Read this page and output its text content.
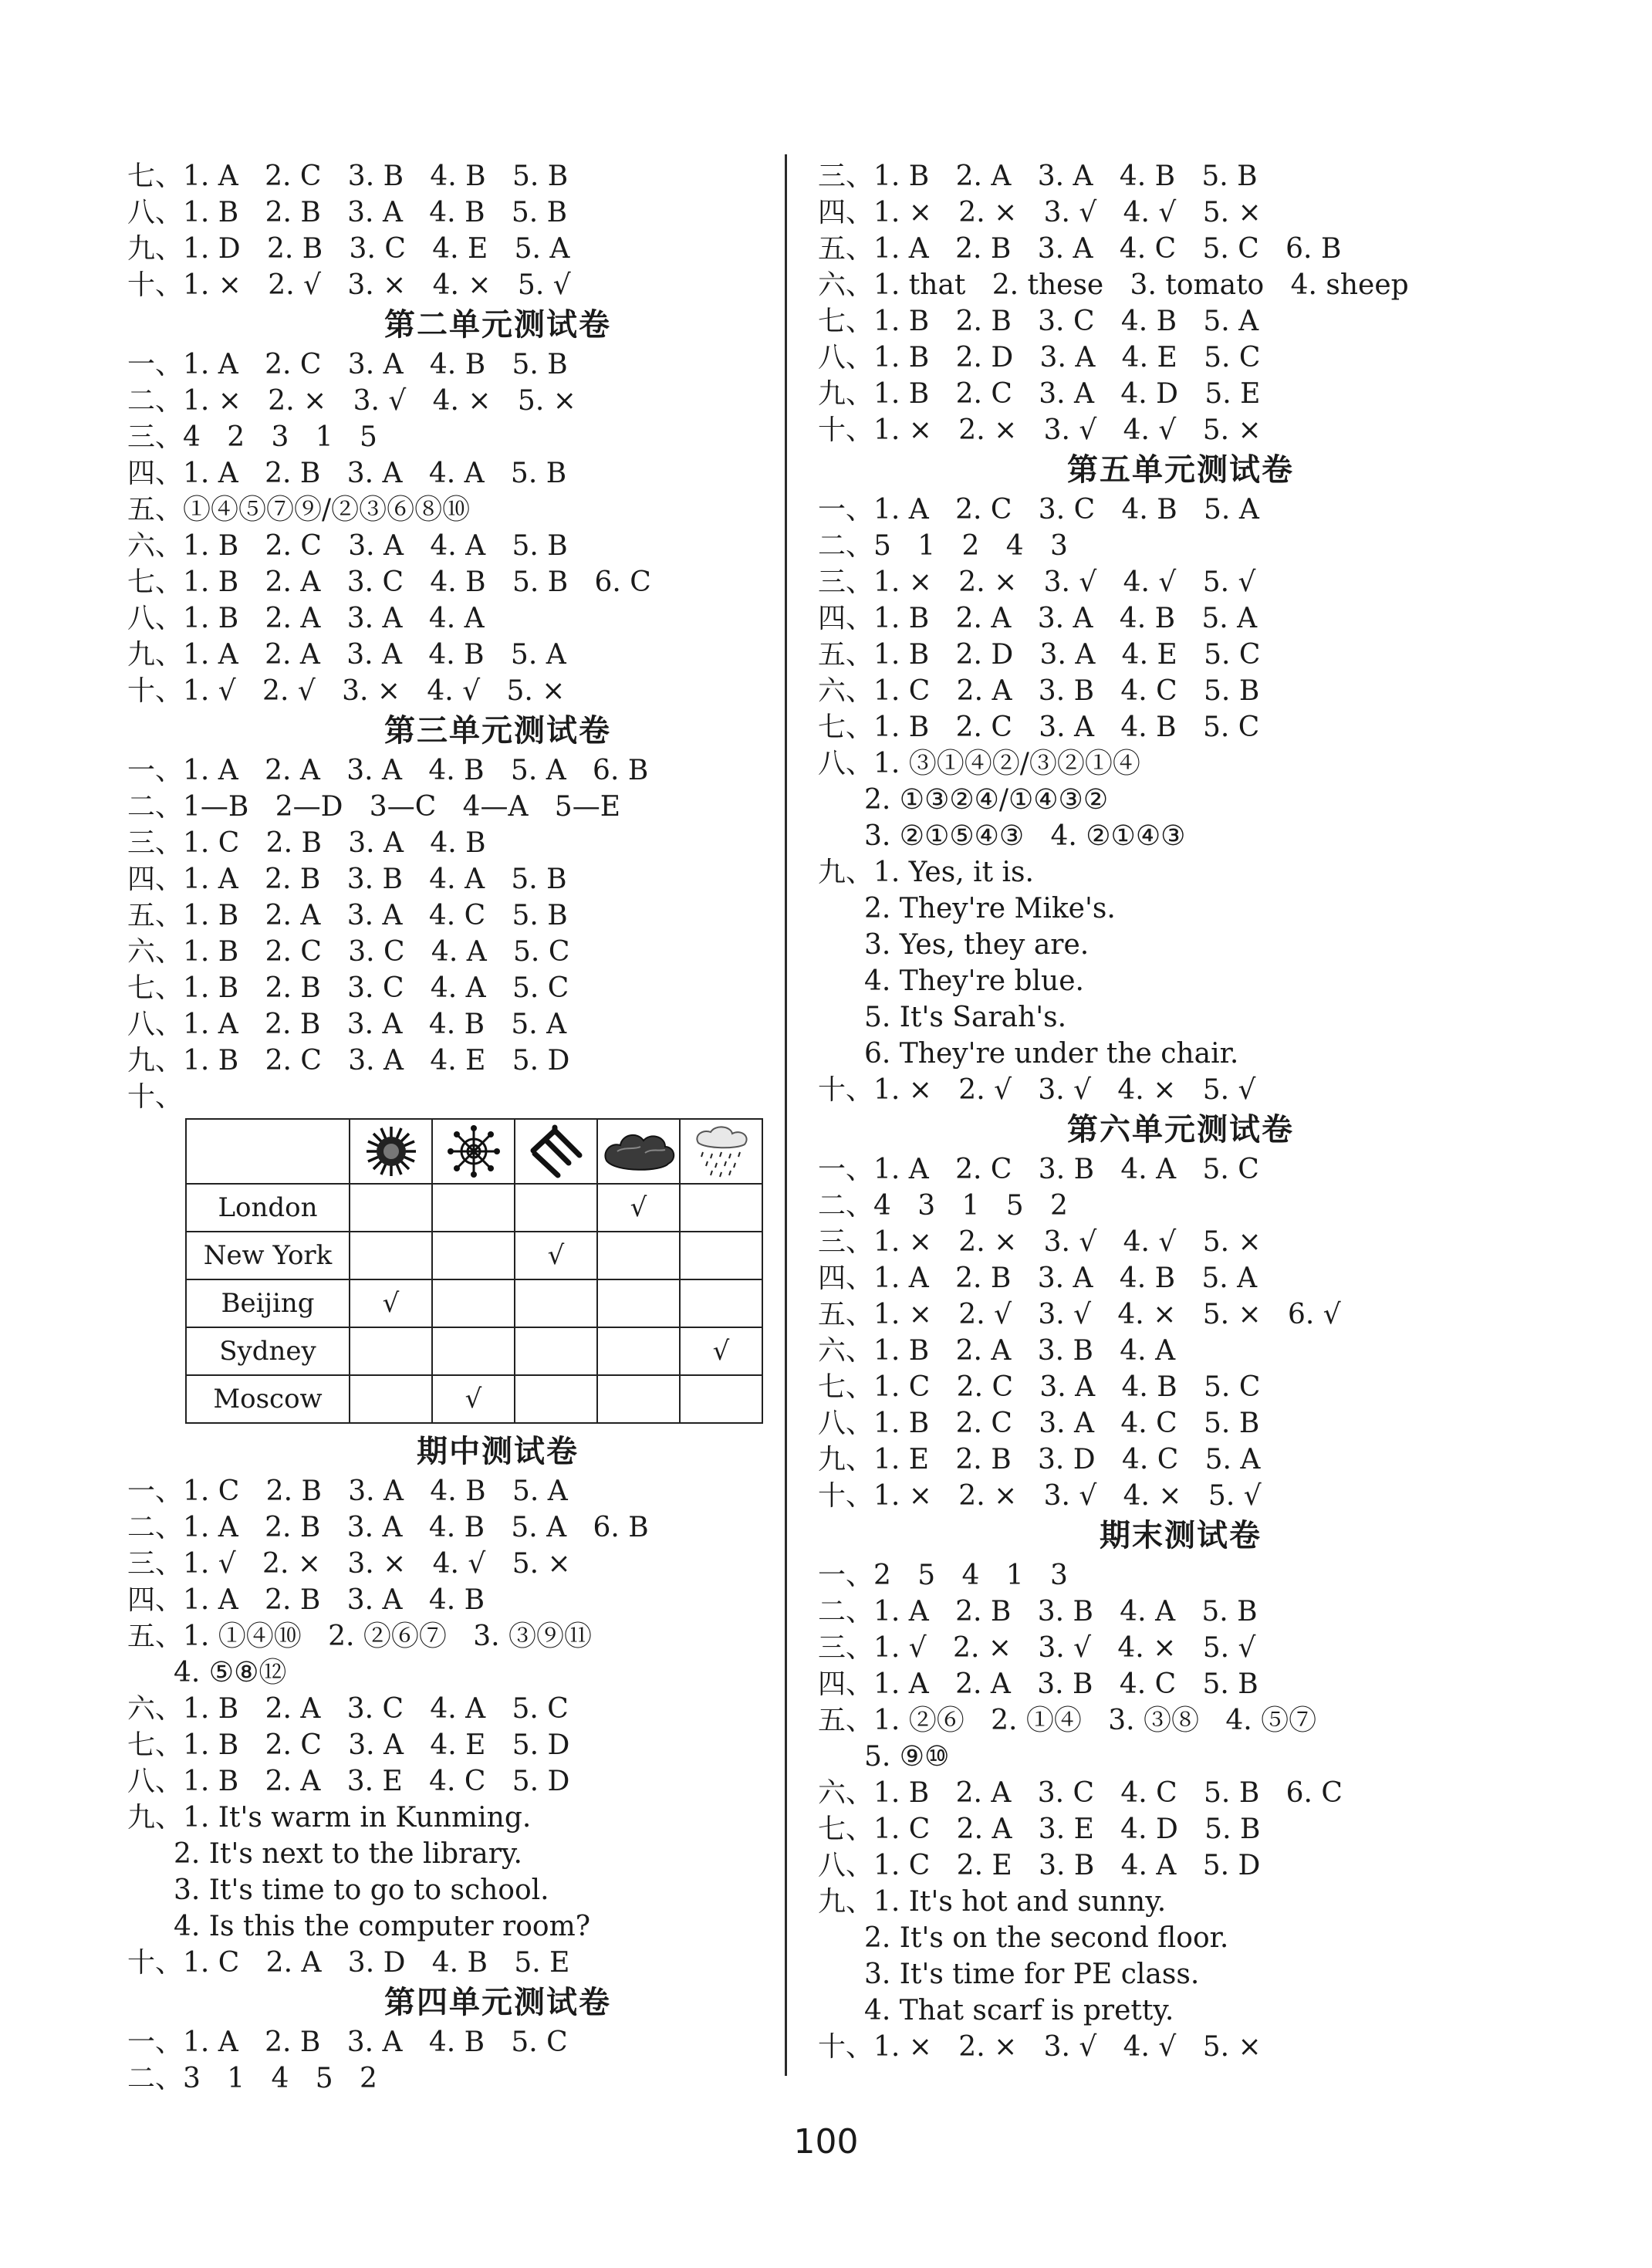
七、1. A   2. C   3. B   4. B   5. B
八、1. B   2. B   3. A   4. B   5. B
九、1. D   2. B   3. C   4. E   5. A
十、1. ×   2. √   3. ×   4. ×   5. √
第二单元测试卷
一、1. A   2. C   3. A   4. B   5. B
二、1. ×   2. ×   3. √   4. ×   5. ×
三、4   2   3   1   5
四、1. A   2. B   3. A   4. A   5. B
五、①④⑤⑦⑨/②③⑥⑧⑩
六、1. B   2. C   3. A   4. A   5. B
七、1. B   2. A   3. C   4. B   5. B   6. C
八、1. B   2. A   3. A   4. A
九、1. A   2. A   3. A   4. B   5. A
十、1. √   2. √   3. ×   4. √   5. ×
第三单元测试卷
一、1. A   2. A   3. A   4. B   5. A   6. B
二、1—B   2—D   3—C   4—A   5—E
三、1. C   2. B   3. A   4. B
四、1. A   2. B   3. B   4. A   5. B
五、1. B   2. A   3. A   4. C   5. B
六、1. B   2. C   3. C   4. A   5. C
七、1. B   2. B   3. C   4. A   5. C
八、1. A   2. B   3. A   4. B   5. A
九、1. B   2. C   3. A   4. E   5. D
十、

London				√	
New York			√		
Beijing	√				
Sydney					√
Moscow		√			
期中测试卷
一、1. C   2. B   3. A   4. B   5. A
二、1. A   2. B   3. A   4. B   5. A   6. B
三、1. √   2. ×   3. ×   4. √   5. ×
四、1. A   2. B   3. A   4. B
五、1. ①④⑩   2. ②⑥⑦   3. ③⑨⑪
4. ⑤⑧⑫
六、1. B   2. A   3. C   4. A   5. C
七、1. B   2. C   3. A   4. E   5. D
八、1. B   2. A   3. E   4. C   5. D
九、1. It's warm in Kunming.
2. It's next to the library.
3. It's time to go to school.
4. Is this the computer room?
十、1. C   2. A   3. D   4. B   5. E
第四单元测试卷
一、1. A   2. B   3. A   4. B   5. C
二、3   1   4   5   2
三、1. B   2. A   3. A   4. B   5. B
四、1. ×   2. ×   3. √   4. √   5. ×
五、1. A   2. B   3. A   4. C   5. C   6. B
六、1. that   2. these   3. tomato   4. sheep
七、1. B   2. B   3. C   4. B   5. A
八、1. B   2. D   3. A   4. E   5. C
九、1. B   2. C   3. A   4. D   5. E
十、1. ×   2. ×   3. √   4. √   5. ×
第五单元测试卷
一、1. A   2. C   3. C   4. B   5. A
二、5   1   2   4   3
三、1. ×   2. ×   3. √   4. √   5. √
四、1. B   2. A   3. A   4. B   5. A
五、1. B   2. D   3. A   4. E   5. C
六、1. C   2. A   3. B   4. C   5. B
七、1. B   2. C   3. A   4. B   5. C
八、1. ③①④②/③②①④
2. ①③②④/①④③②
3. ②①⑤④③   4. ②①④③
九、1. Yes, it is.
2. They're Mike's.
3. Yes, they are.
4. They're blue.
5. It's Sarah's.
6. They're under the chair.
十、1. ×   2. √   3. √   4. ×   5. √
第六单元测试卷
一、1. A   2. C   3. B   4. A   5. C
二、4   3   1   5   2
三、1. ×   2. ×   3. √   4. √   5. ×
四、1. A   2. B   3. A   4. B   5. A
五、1. ×   2. √   3. √   4. ×   5. ×   6. √
六、1. B   2. A   3. B   4. A
七、1. C   2. C   3. A   4. B   5. C
八、1. B   2. C   3. A   4. C   5. B
九、1. E   2. B   3. D   4. C   5. A
十、1. ×   2. ×   3. √   4. ×   5. √
期末测试卷
一、2   5   4   1   3
二、1. A   2. B   3. B   4. A   5. B
三、1. √   2. ×   3. √   4. ×   5. √
四、1. A   2. A   3. B   4. C   5. B
五、1. ②⑥   2. ①④   3. ③⑧   4. ⑤⑦
5. ⑨⑩
六、1. B   2. A   3. C   4. C   5. B   6. C
七、1. C   2. A   3. E   4. D   5. B
八、1. C   2. E   3. B   4. A   5. D
九、1. It's hot and sunny.
2. It's on the second floor.
3. It's time for PE class.
4. That scarf is pretty.
十、1. ×   2. ×   3. √   4. √   5. ×
100
